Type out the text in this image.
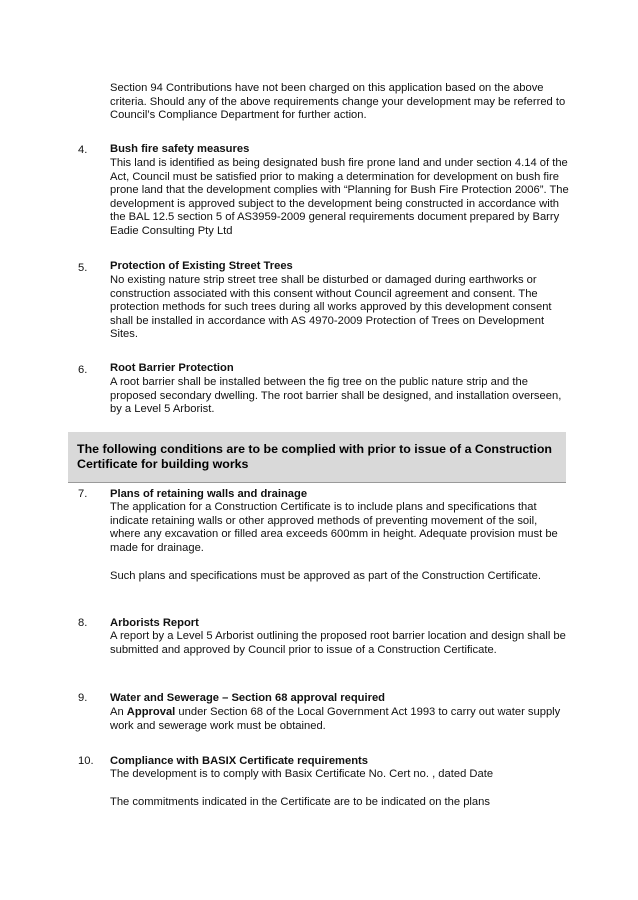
Section 94 Contributions have not been charged on this application based on the above criteria. Should any of the above requirements change your development may be referred to Council’s Compliance Department for further action.

4. Bush fire safety measures

This land is identified as being designated bush fire prone land and under section 4.14 of the Act, Council must be satisfied prior to making a determination for development on bush fire prone land that the development complies with “Planning for Bush Fire Protection 2006”. The development is approved subject to the development being constructed in accordance with the BAL 12.5 section 5 of AS3959-2009 general requirements document prepared by Barry Eadie Consulting Pty Ltd

5. Protection of Existing Street Trees

No existing nature strip street tree shall be disturbed or damaged during earthworks or construction associated with this consent without Council agreement and consent. The protection methods for such trees during all works approved by this development consent shall be installed in accordance with AS 4970-2009 Protection of Trees on Development Sites.

6. Root Barrier Protection

A root barrier shall be installed between the fig tree on the public nature strip and the proposed secondary dwelling. The root barrier shall be designed, and installation overseen, by a Level 5 Arborist.

The following conditions are to be complied with prior to issue of a Construction Certificate for building works

7. Plans of retaining walls and drainage

The application for a Construction Certificate is to include plans and specifications that indicate retaining walls or other approved methods of preventing movement of the soil, where any excavation or filled area exceeds 600mm in height. Adequate provision must be made for drainage.

Such plans and specifications must be approved as part of the Construction Certificate.

8. Arborists Report

A report by a Level 5 Arborist outlining the proposed root barrier location and design shall be submitted and approved by Council prior to issue of a Construction Certificate.

9. Water and Sewerage – Section 68 approval required

An Approval under Section 68 of the Local Government Act 1993 to carry out water supply work and sewerage work must be obtained.

10. Compliance with BASIX Certificate requirements

The development is to comply with Basix Certificate No. Cert no. , dated Date

The commitments indicated in the Certificate are to be indicated on the plans
